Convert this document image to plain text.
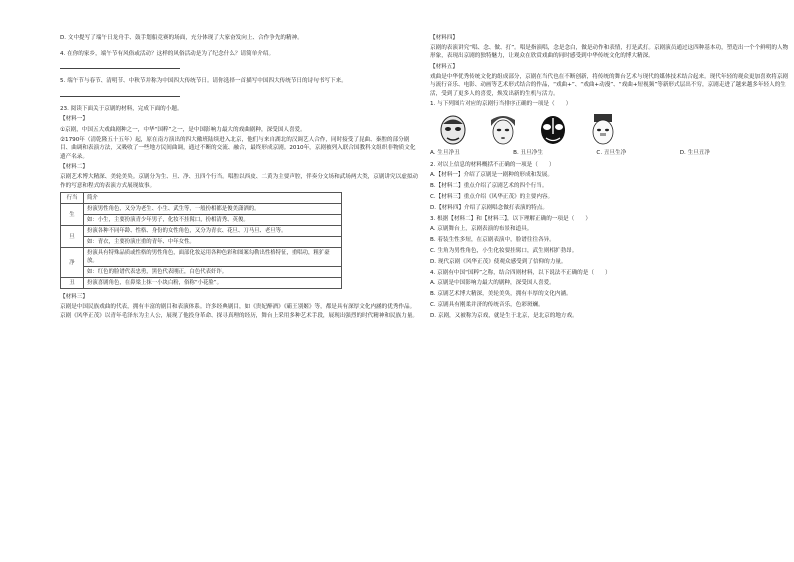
D. 文中提写了端午日龙舟手、鼓手划船竞赛的场面，充分体现了大家奋发向上、合作争先的精神。

4. 在你的家乡，端午节有风俗或活动？这样的风俗活动是为了纪念什么？请简单介绍。

5. 端午节与春节、清明节、中秋节并称为中国四大传统节日。请你选择一首描写中国四大传统节日的诗句书写下来。

23. 阅读下面关于京剧的材料，完成下面的小题。

【材料一】

①京剧，中国五大戏曲剧种之一，中华“国粹”之一，是中国影响力最大的戏曲剧种，深受国人喜爱。

②1790年（清乾隆五十五年）起，原在南方演出的四大徽班陆续进入北京，他们与来自湖北的汉调艺人合作，同时接受了昆曲、秦腔的部分剧目、曲调和表演方法，又吸收了一些地方民间曲调，通过不断的交流、融合，最终形成京剧。2010年，京剧被列入联合国教科文组织非物质文化遗产名录。

【材料二】

京剧艺术博大精深、美轮美奂。京剧分为生、旦、净、丑四个行当。唱腔以西皮、二黄为主要声腔，伴奏分文场和武场两大类，京剧讲究以虚拟动作的写意和程式的表演方式展现故事。

行当	简介
生	扮演男性角色，又分为老生、小生、武生等，一般扮相都是俊美潇洒的。
	如：小生，主要扮演青少年男子，化妆不挂髯口，扮相清秀、英俊。
旦	扮演各种不同年龄、性格、身份的女性角色，又分为青衣、花旦、刀马旦、老旦等。
	如：青衣，主要扮演庄重的青年、中年女性。
净	扮演具有特殊品质或性格的男性角色，面部化妆运用各种色彩和图案勾勒出性格特征，重唱功，粗犷豪放。
	如：红色的脸谱代表忠勇，黑色代表刚正，白色代表奸诈。
丑	扮演喜剧角色，在鼻梁上抹一小块白粉，俗称“小花脸”。

【材料三】

京剧是中国民族戏曲的代表，拥有丰富的剧目和表演体系。许多经典剧目，如《贵妃醉酒》《霸王别姬》等，都是具有深厚文化内涵的优秀作品。京剧《风华正茂》以青年毛泽东为主人公，展现了他投身革命、探寻真理的经历，舞台上采用多种艺术手段，展现出强烈的时代精神和民族力量。

【材料四】

京剧的表演讲究“唱、念、做、打”。唱是指演唱，念是念白，做是动作和表情，打是武打。京剧演员通过这四种基本功，塑造出一个个鲜明的人物形象，表现出京剧的独特魅力，让观众在欣赏戏曲的同时感受到中华传统文化的博大精深。

【材料五】

戏曲是中华优秀传统文化的组成部分，京剧在当代也在不断创新，将传统的舞台艺术与现代的媒体技术结合起来。现代年轻的观众更加喜欢将京剧与流行音乐、电影、动画等艺术形式结合的作品，“戏曲+”、“戏曲+动漫”、“戏曲+短视频”等新形式层出不穷，京剧走进了越来越多年轻人的生活，受到了更多人的喜爱，焕发出新的生机与活力。

1. 与下列图片对应的京剧行当排序正确的一项是（　　）

A. 生旦净丑	B. 丑旦净生	C. 丑旦生净	D. 生旦丑净

2. 对以上信息的材料概括不正确的一项是（　　）

A.【材料一】介绍了京剧是一剧种的形成和发展。

B.【材料二】重点介绍了京剧艺术的四个行当。

C.【材料三】重点介绍《风华正茂》的主要内容。

D.【材料四】介绍了京剧唱念做打表演的特点。

3. 根据【材料二】和【材料三】，以下理解正确的一项是（　　）

A. 京剧舞台上，京剧表演的布景和道具。

B. 着装生性多短，在京剧表演中，脸谱往往各异。

C. 生角为男性角色，小生化妆要挂髯口，武生则相扩勃昂。

D. 现代京剧《风华正茂》使观众感受到了信仰的力量。

4. 京剧有中国“国粹”之称，结合四则材料，以下说法不正确的是（　　）

A. 京剧是中国影响力最大的剧种，深受国人喜爱。

B. 京剧艺术博大精深，美轮美奂，拥有丰厚的文化内涵。

C. 京剧具有刚柔并济的传统音乐，色彩斑斓。

D. 京剧，又被称为京戏，就是生于北京，是北京的地方戏。
